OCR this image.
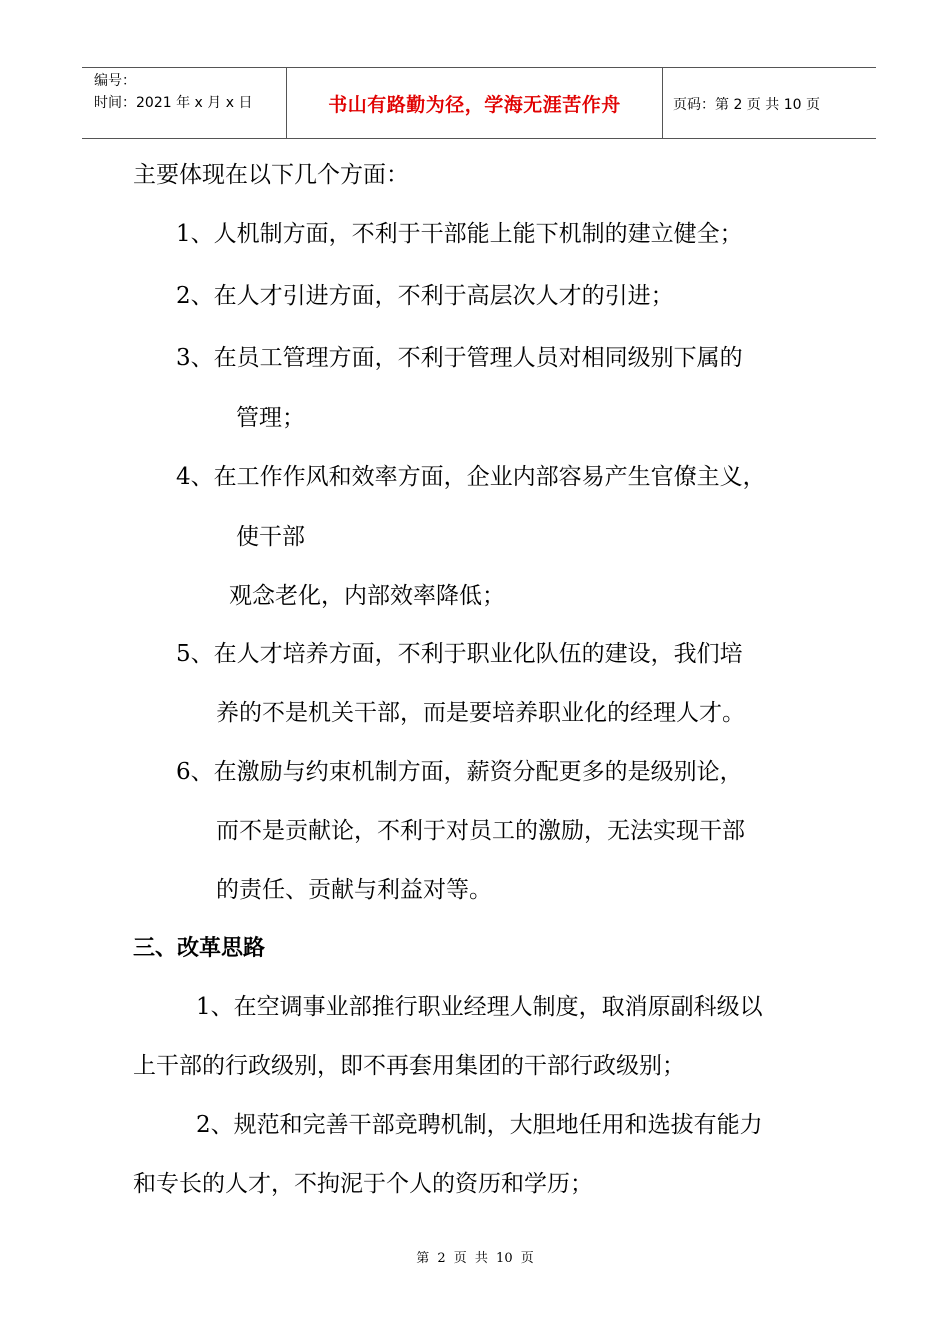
编号：
时间：2021 年 x 月 x 日	书山有路勤为径，学海无涯苦作舟	页码：第 2 页 共 10 页
主要体现在以下几个方面：
1、人机制方面，不利于干部能上能下机制的建立健全；
2、在人才引进方面，不利于高层次人才的引进；
3、在员工管理方面，不利于管理人员对相同级别下属的
管理；
4、在工作作风和效率方面，企业内部容易产生官僚主义，
使干部
观念老化，内部效率降低；
5、在人才培养方面，不利于职业化队伍的建设，我们培
养的不是机关干部，而是要培养职业化的经理人才。
6、在激励与约束机制方面，薪资分配更多的是级别论，
而不是贡献论，不利于对员工的激励，无法实现干部
的责任、贡献与利益对等。
三、改革思路
1、在空调事业部推行职业经理人制度，取消原副科级以
上干部的行政级别，即不再套用集团的干部行政级别；
2、规范和完善干部竞聘机制，大胆地任用和选拔有能力
和专长的人才，不拘泥于个人的资历和学历；
第 2 页 共 10 页
